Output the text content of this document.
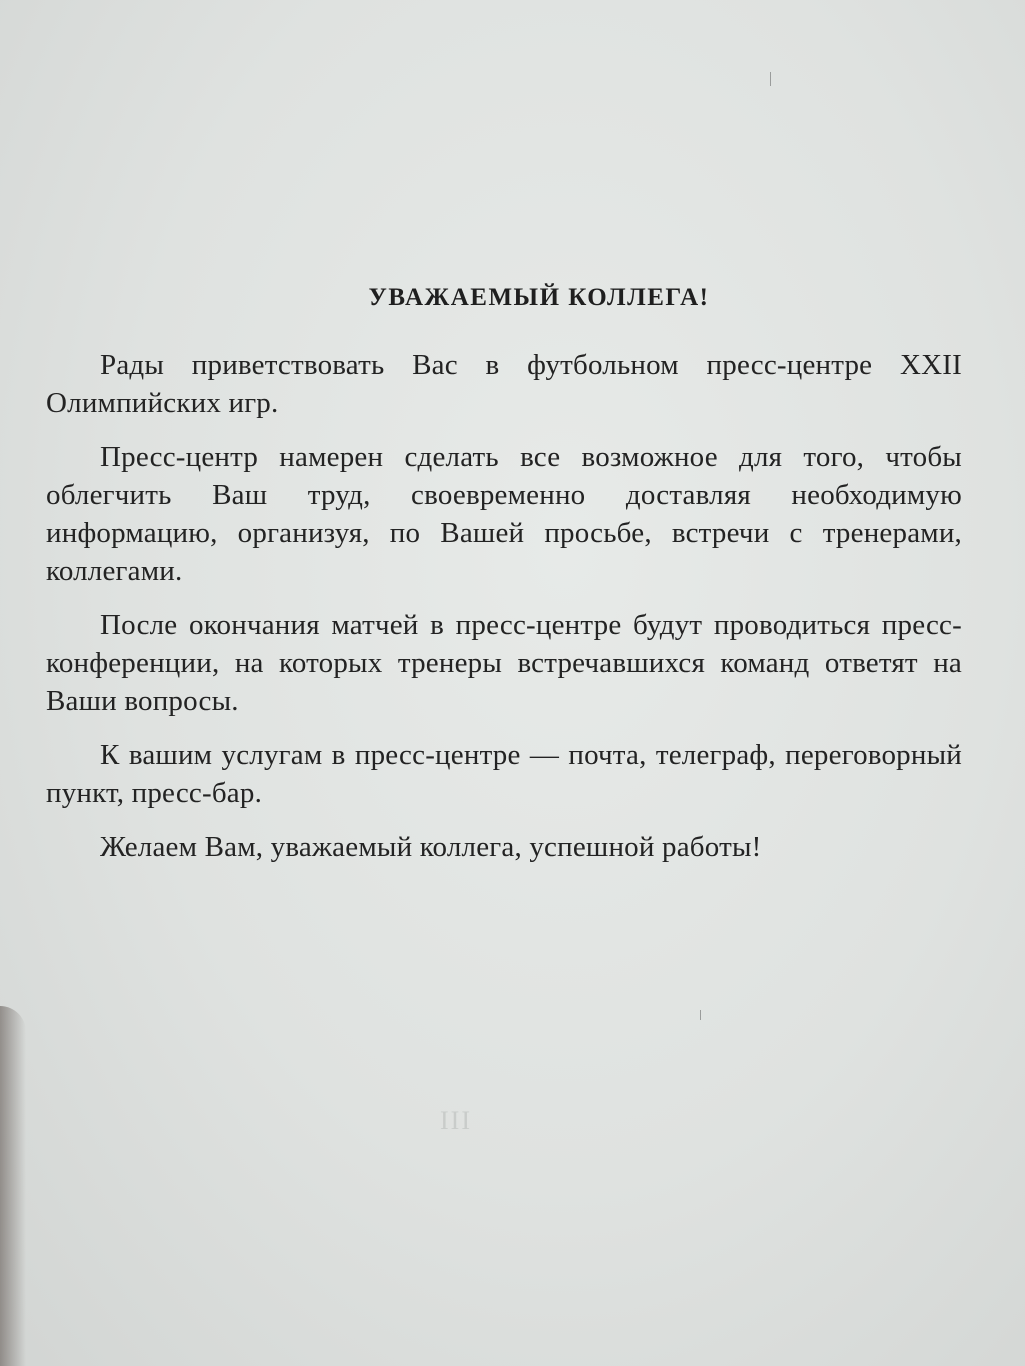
УВАЖАЕМЫЙ КОЛЛЕГА!

Рады приветствовать Вас в футбольном пресс-центре XXII Олимпийских игр.

Пресс-центр намерен сделать все возможное для того, чтобы облегчить Ваш труд, своевременно доставляя необходимую информацию, организуя, по Вашей просьбе, встречи с тренерами, коллегами.

После окончания матчей в пресс-центре будут проводиться пресс-конференции, на которых тренеры встречавшихся команд ответят на Ваши вопросы.

К вашим услугам в пресс-центре — почта, телеграф, переговорный пункт, пресс-бар.

Желаем Вам, уважаемый коллега, успешной работы!

III
